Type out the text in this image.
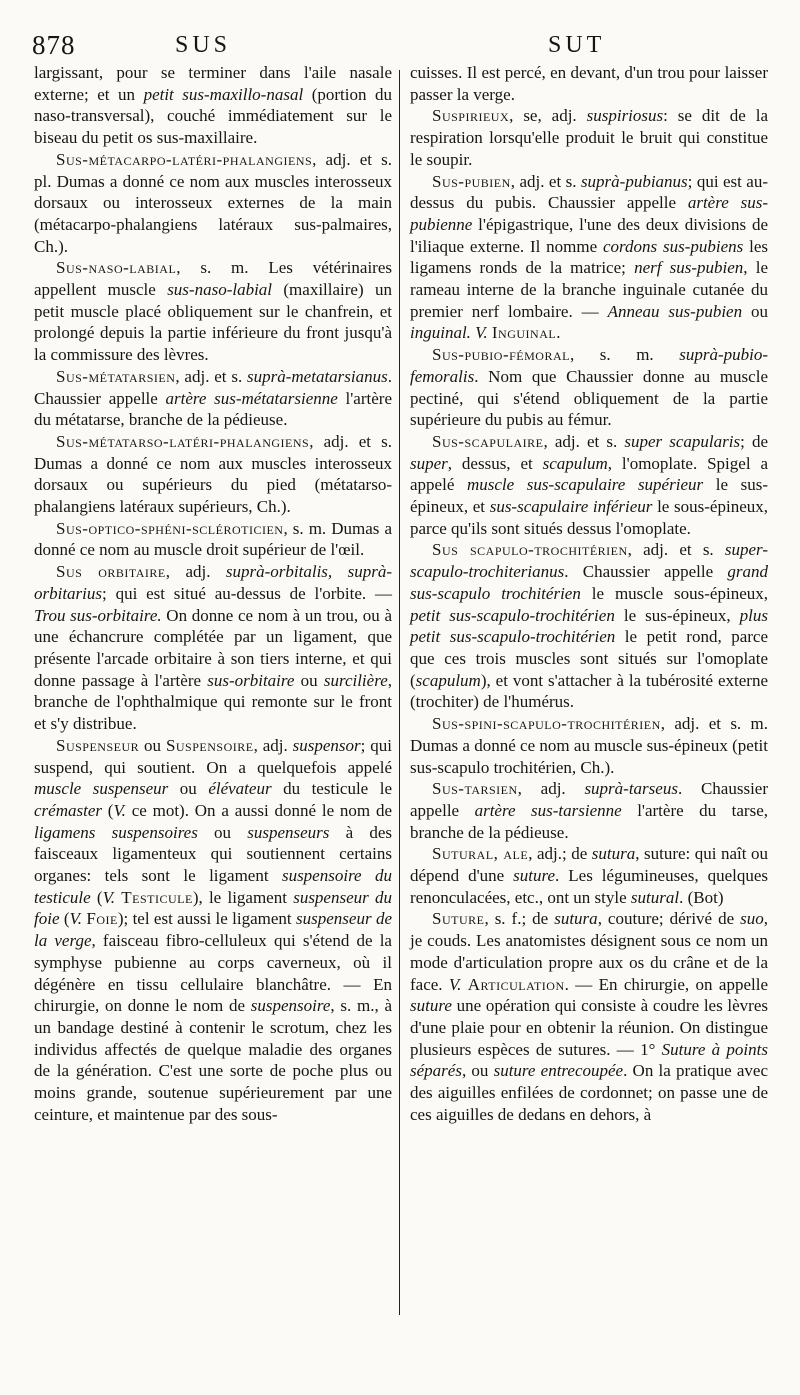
878	SUS	SUT

largissant, pour se terminer dans l'aile nasale externe; et un petit sus-maxillo-nasal (portion du naso-transversal), couché immédiatement sur le biseau du petit os sus-maxillaire.

Sus-métacarpo-latéri-phalangiens, adj. et s. pl. Dumas a donné ce nom aux muscles interosseux dorsaux ou interosseux externes de la main (métacarpo-phalangiens latéraux sus-palmaires, Ch.).

Sus-naso-labial, s. m. Les vétérinaires appellent muscle sus-naso-labial (maxillaire) un petit muscle placé obliquement sur le chanfrein, et prolongé depuis la partie inférieure du front jusqu'à la commissure des lèvres.

Sus-métatarsien, adj. et s. suprà-metatarsianus. Chaussier appelle artère sus-métatarsienne l'artère du métatarse, branche de la pédieuse.

Sus-métatarso-latéri-phalangiens, adj. et s. Dumas a donné ce nom aux muscles interosseux dorsaux ou supérieurs du pied (métatarso-phalangiens latéraux supérieurs, Ch.).

Sus-optico-sphéni-scléroticien, s. m. Dumas a donné ce nom au muscle droit supérieur de l'œil.

Sus orbitaire, adj. suprà-orbitalis, suprà-orbitarius; qui est situé au-dessus de l'orbite. — Trou sus-orbitaire. On donne ce nom à un trou, ou à une échancrure complétée par un ligament, que présente l'arcade orbitaire à son tiers interne, et qui donne passage à l'artère sus-orbitaire ou surcilière, branche de l'ophthalmique qui remonte sur le front et s'y distribue.

Suspenseur ou Suspensoire, adj. suspensor; qui suspend, qui soutient. On a quelquefois appelé muscle suspenseur ou élévateur du testicule le crémaster (V. ce mot). On a aussi donné le nom de ligamens suspensoires ou suspenseurs à des faisceaux ligamenteux qui soutiennent certains organes: tels sont le ligament suspensoire du testicule (V. Testicule), le ligament suspenseur du foie (V. Foie); tel est aussi le ligament suspenseur de la verge, faisceau fibro-celluleux qui s'étend de la symphyse pubienne au corps caverneux, où il dégénère en tissu cellulaire blanchâtre. — En chirurgie, on donne le nom de suspensoire, s. m., à un bandage destiné à contenir le scrotum, chez les individus affectés de quelque maladie des organes de la génération. C'est une sorte de poche plus ou moins grande, soutenue supérieurement par une ceinture, et maintenue par des sous-

cuisses. Il est percé, en devant, d'un trou pour laisser passer la verge.

Suspirieux, se, adj. suspiriosus: se dit de la respiration lorsqu'elle produit le bruit qui constitue le soupir.

Sus-pubien, adj. et s. suprà-pubianus; qui est au-dessus du pubis. Chaussier appelle artère sus-pubienne l'épigastrique, l'une des deux divisions de l'iliaque externe. Il nomme cordons sus-pubiens les ligamens ronds de la matrice; nerf sus-pubien, le rameau interne de la branche inguinale cutanée du premier nerf lombaire. — Anneau sus-pubien ou inguinal. V. Inguinal.

Sus-pubio-fémoral, s. m. suprà-pubio-femoralis. Nom que Chaussier donne au muscle pectiné, qui s'étend obliquement de la partie supérieure du pubis au fémur.

Sus-scapulaire, adj. et s. super scapularis; de super, dessus, et scapulum, l'omoplate. Spigel a appelé muscle sus-scapulaire supérieur le sus-épineux, et sus-scapulaire inférieur le sous-épineux, parce qu'ils sont situés dessus l'omoplate.

Sus scapulo-trochitérien, adj. et s. super-scapulo-trochiterianus. Chaussier appelle grand sus-scapulo trochitérien le muscle sous-épineux, petit sus-scapulo-trochitérien le sus-épineux, plus petit sus-scapulo-trochitérien le petit rond, parce que ces trois muscles sont situés sur l'omoplate (scapulum), et vont s'attacher à la tubérosité externe (trochiter) de l'humérus.

Sus-spini-scapulo-trochitérien, adj. et s. m. Dumas a donné ce nom au muscle sus-épineux (petit sus-scapulo trochitérien, Ch.).

Sus-tarsien, adj. suprà-tarseus. Chaussier appelle artère sus-tarsienne l'artère du tarse, branche de la pédieuse.

Sutural, ale, adj.; de sutura, suture: qui naît ou dépend d'une suture. Les légumineuses, quelques renonculacées, etc., ont un style sutural. (Bot)

Suture, s. f.; de sutura, couture; dérivé de suo, je couds. Les anatomistes désignent sous ce nom un mode d'articulation propre aux os du crâne et de la face. V. Articulation. — En chirurgie, on appelle suture une opération qui consiste à coudre les lèvres d'une plaie pour en obtenir la réunion. On distingue plusieurs espèces de sutures. — 1° Suture à points séparés, ou suture entrecoupée. On la pratique avec des aiguilles enfilées de cordonnet; on passe une de ces aiguilles de dedans en dehors, à
